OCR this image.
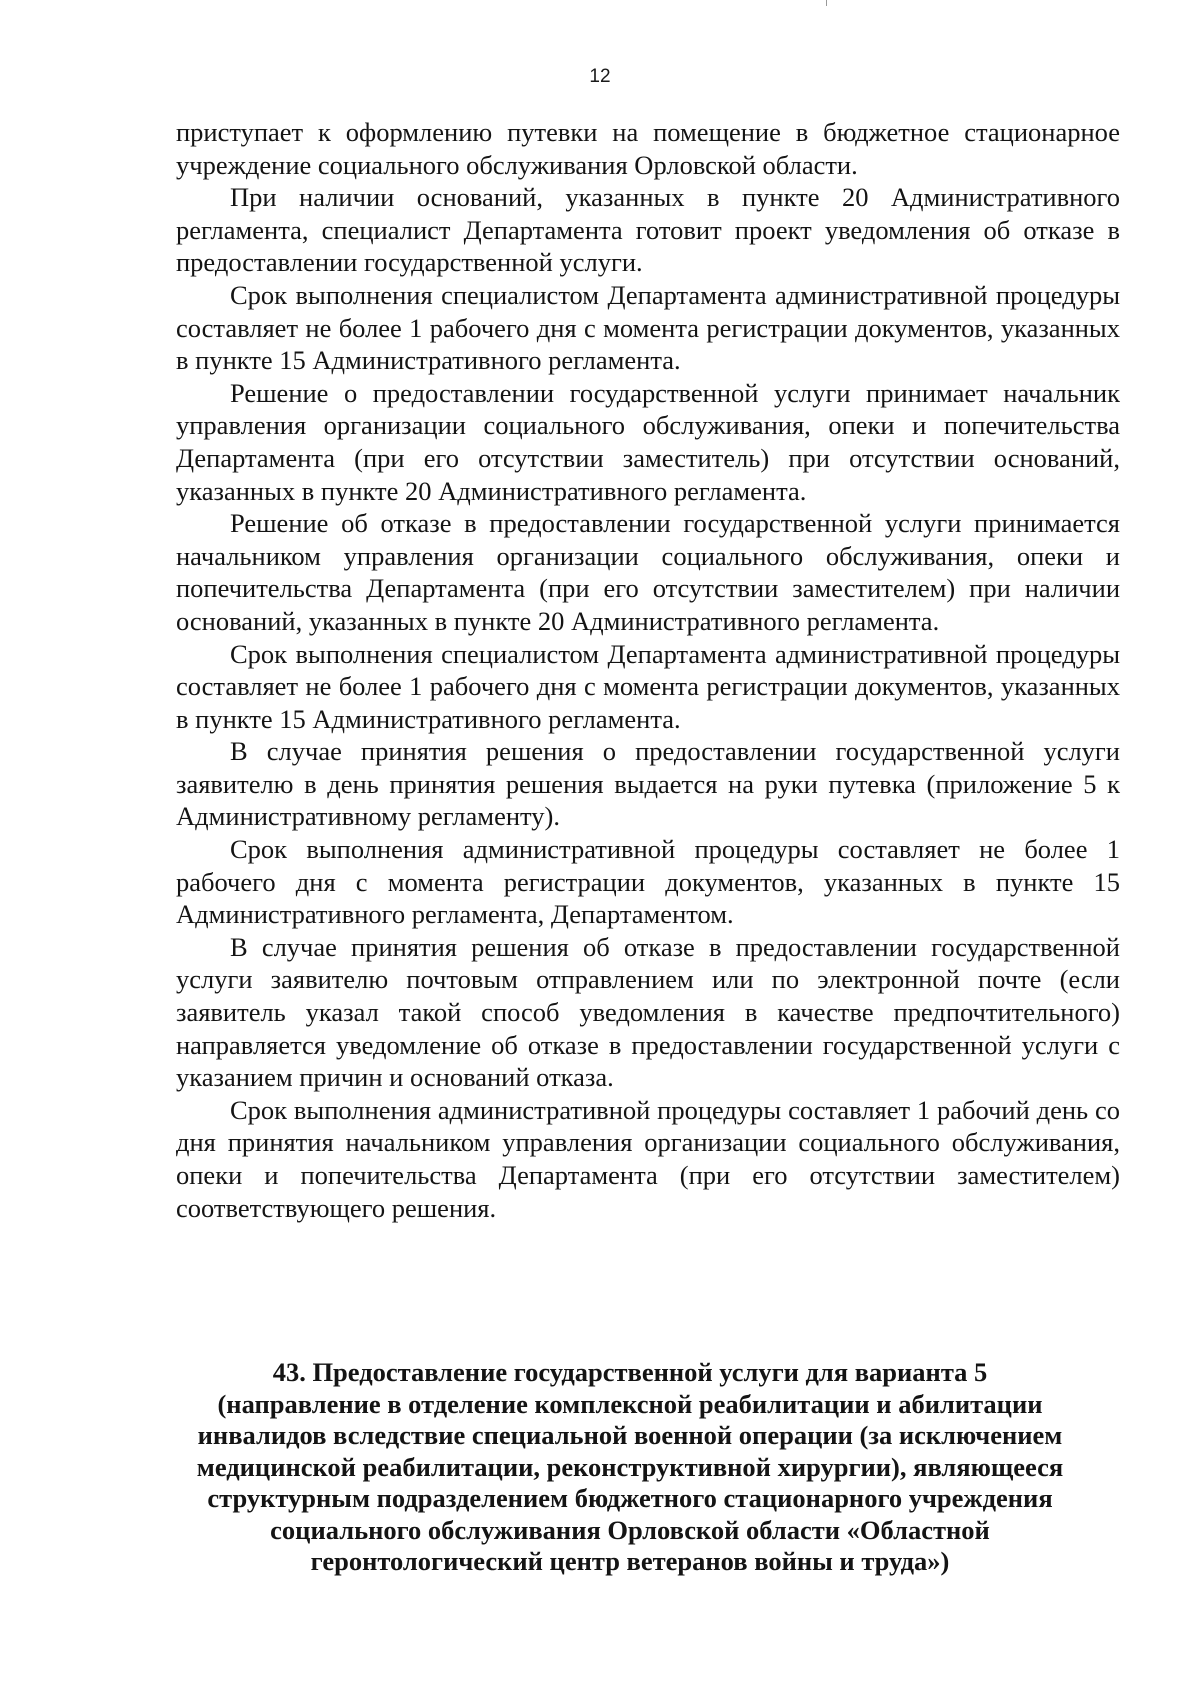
12

приступает к оформлению путевки на помещение в бюджетное стационарное учреждение социального обслуживания Орловской области.

При наличии оснований, указанных в пункте 20 Административного регламента, специалист Департамента готовит проект уведомления об отказе в предоставлении государственной услуги.

Срок выполнения специалистом Департамента административной процедуры составляет не более 1 рабочего дня с момента регистрации документов, указанных в пункте 15 Административного регламента.

Решение о предоставлении государственной услуги принимает начальник управления организации социального обслуживания, опеки и попечительства Департамента (при его отсутствии заместитель) при отсутствии оснований, указанных в пункте 20 Административного регламента.

Решение об отказе в предоставлении государственной услуги принимается начальником управления организации социального обслуживания, опеки и попечительства Департамента (при его отсутствии заместителем) при наличии оснований, указанных в пункте 20 Административного регламента.

Срок выполнения специалистом Департамента административной процедуры составляет не более 1 рабочего дня с момента регистрации документов, указанных в пункте 15 Административного регламента.

В случае принятия решения о предоставлении государственной услуги заявителю в день принятия решения выдается на руки путевка (приложение 5 к Административному регламенту).

Срок выполнения административной процедуры составляет не более 1 рабочего дня с момента регистрации документов, указанных в пункте 15 Административного регламента, Департаментом.

В случае принятия решения об отказе в предоставлении государственной услуги заявителю почтовым отправлением или по электронной почте (если заявитель указал такой способ уведомления в качестве предпочтительного) направляется уведомление об отказе в предоставлении государственной услуги с указанием причин и оснований отказа.

Срок выполнения административной процедуры составляет 1 рабочий день со дня принятия начальником управления организации социального обслуживания, опеки и попечительства Департамента (при его отсутствии заместителем) соответствующего решения.

43. Предоставление государственной услуги для варианта 5
(направление в отделение комплексной реабилитации и абилитации
инвалидов вследствие специальной военной операции (за исключением
медицинской реабилитации, реконструктивной хирургии), являющееся
структурным подразделением бюджетного стационарного учреждения
социального обслуживания Орловской области «Областной
геронтологический центр ветеранов войны и труда»)
